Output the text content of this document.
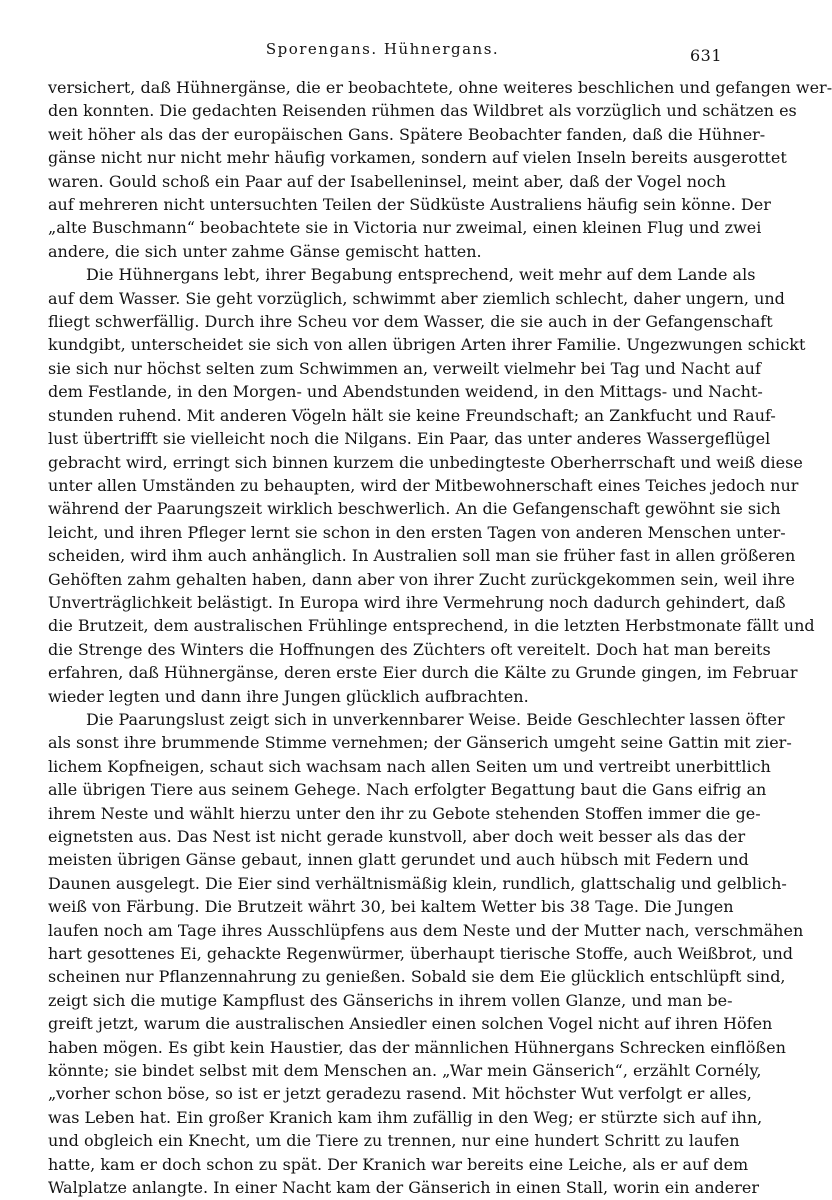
Sporengans. Hühnergans.	631
versichert, daß Hühnergänse, die er beobachtete, ohne weiteres beschlichen und gefangen wer-
den konnten. Die gedachten Reisenden rühmen das Wildbret als vorzüglich und schätzen es
weit höher als das der europäischen Gans. Spätere Beobachter fanden, daß die Hühner-
gänse nicht nur nicht mehr häufig vorkamen, sondern auf vielen Inseln bereits ausgerottet
waren. Gould schoß ein Paar auf der Isabelleninsel, meint aber, daß der Vogel noch
auf mehreren nicht untersuchten Teilen der Südküste Australiens häufig sein könne. Der
„alte Buschmann“ beobachtete sie in Victoria nur zweimal, einen kleinen Flug und zwei
andere, die sich unter zahme Gänse gemischt hatten.
Die Hühnergans lebt, ihrer Begabung entsprechend, weit mehr auf dem Lande als
auf dem Wasser. Sie geht vorzüglich, schwimmt aber ziemlich schlecht, daher ungern, und
fliegt schwerfällig. Durch ihre Scheu vor dem Wasser, die sie auch in der Gefangenschaft
kundgibt, unterscheidet sie sich von allen übrigen Arten ihrer Familie. Ungezwungen schickt
sie sich nur höchst selten zum Schwimmen an, verweilt vielmehr bei Tag und Nacht auf
dem Festlande, in den Morgen- und Abendstunden weidend, in den Mittags- und Nacht-
stunden ruhend. Mit anderen Vögeln hält sie keine Freundschaft; an Zankfucht und Rauf-
lust übertrifft sie vielleicht noch die Nilgans. Ein Paar, das unter anderes Wassergeflügel
gebracht wird, erringt sich binnen kurzem die unbedingteste Oberherrschaft und weiß diese
unter allen Umständen zu behaupten, wird der Mitbewohnerschaft eines Teiches jedoch nur
während der Paarungszeit wirklich beschwerlich. An die Gefangenschaft gewöhnt sie sich
leicht, und ihren Pfleger lernt sie schon in den ersten Tagen von anderen Menschen unter-
scheiden, wird ihm auch anhänglich. In Australien soll man sie früher fast in allen größeren
Gehöften zahm gehalten haben, dann aber von ihrer Zucht zurückgekommen sein, weil ihre
Unverträglichkeit belästigt. In Europa wird ihre Vermehrung noch dadurch gehindert, daß
die Brutzeit, dem australischen Frühlinge entsprechend, in die letzten Herbstmonate fällt und
die Strenge des Winters die Hoffnungen des Züchters oft vereitelt. Doch hat man bereits
erfahren, daß Hühnergänse, deren erste Eier durch die Kälte zu Grunde gingen, im Februar
wieder legten und dann ihre Jungen glücklich aufbrachten.
Die Paarungslust zeigt sich in unverkennbarer Weise. Beide Geschlechter lassen öfter
als sonst ihre brummende Stimme vernehmen; der Gänserich umgeht seine Gattin mit zier-
lichem Kopfneigen, schaut sich wachsam nach allen Seiten um und vertreibt unerbittlich
alle übrigen Tiere aus seinem Gehege. Nach erfolgter Begattung baut die Gans eifrig an
ihrem Neste und wählt hierzu unter den ihr zu Gebote stehenden Stoffen immer die ge-
eignetsten aus. Das Nest ist nicht gerade kunstvoll, aber doch weit besser als das der
meisten übrigen Gänse gebaut, innen glatt gerundet und auch hübsch mit Federn und
Daunen ausgelegt. Die Eier sind verhältnismäßig klein, rundlich, glattschalig und gelblich-
weiß von Färbung. Die Brutzeit währt 30, bei kaltem Wetter bis 38 Tage. Die Jungen
laufen noch am Tage ihres Ausschlüpfens aus dem Neste und der Mutter nach, verschmähen
hart gesottenes Ei, gehackte Regenwürmer, überhaupt tierische Stoffe, auch Weißbrot, und
scheinen nur Pflanzennahrung zu genießen. Sobald sie dem Eie glücklich entschlüpft sind,
zeigt sich die mutige Kampflust des Gänserichs in ihrem vollen Glanze, und man be-
greift jetzt, warum die australischen Ansiedler einen solchen Vogel nicht auf ihren Höfen
haben mögen. Es gibt kein Haustier, das der männlichen Hühnergans Schrecken einflößen
könnte; sie bindet selbst mit dem Menschen an. „War mein Gänserich“, erzählt Cornély,
„vorher schon böse, so ist er jetzt geradezu rasend. Mit höchster Wut verfolgt er alles,
was Leben hat. Ein großer Kranich kam ihm zufällig in den Weg; er stürzte sich auf ihn,
und obgleich ein Knecht, um die Tiere zu trennen, nur eine hundert Schritt zu laufen
hatte, kam er doch schon zu spät. Der Kranich war bereits eine Leiche, als er auf dem
Walplatze anlangte. In einer Nacht kam der Gänserich in einen Stall, worin ein anderer
